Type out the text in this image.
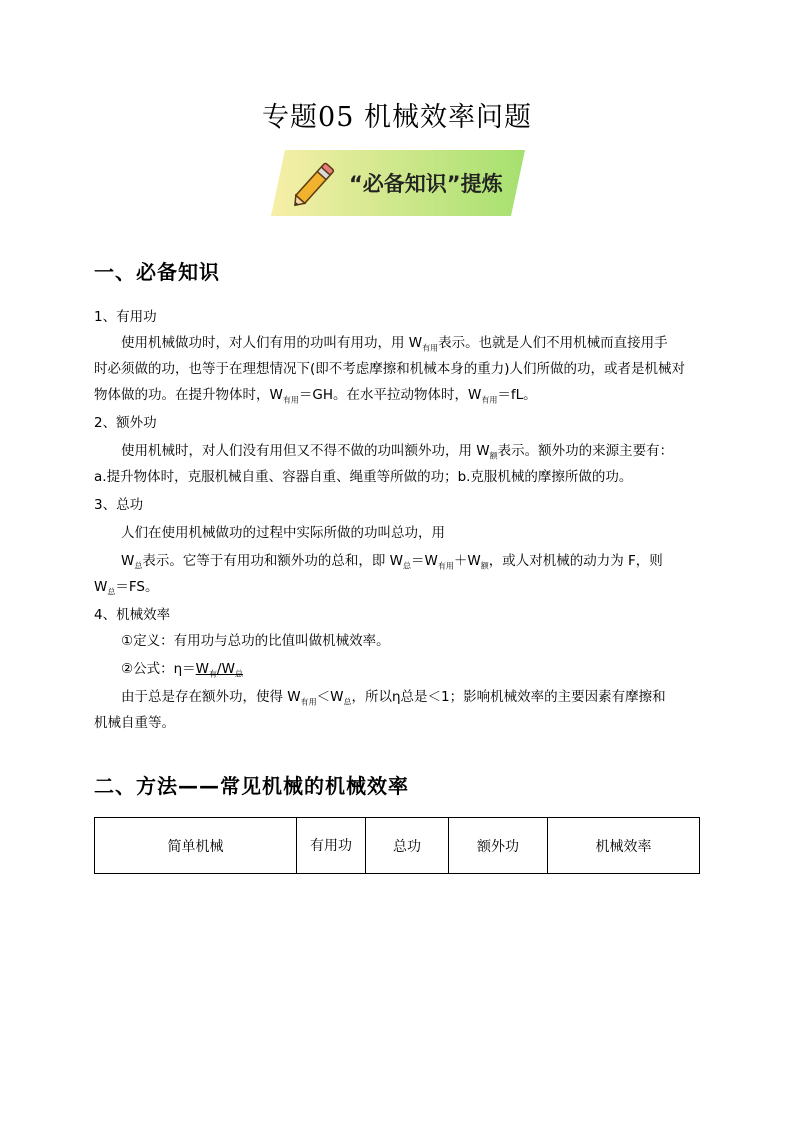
专题05 机械效率问题
“必备知识”提炼
一、必备知识
1、有用功
使用机械做功时，对人们有用的功叫有用功，用 $W_{有用}$表示。也就是人们不用机械而直接用手
时必须做的功，也等于在理想情况下(即不考虑摩擦和机械本身的重力)人们所做的功，或者是机械对
物体做的功。在提升物体时，$W_{有用}=GH$。在水平拉动物体时，$W_{有用}=fL$。
2、额外功
使用机械时，对人们没有用但又不得不做的功叫额外功，用 $W_额$表示。额外功的来源主要有：
a.提升物体时，克服机械自重、容器自重、绳重等所做的功；b.克服机械的摩擦所做的功。
3、总功
人们在使用机械做功的过程中实际所做的功叫总功，用
$W_总$表示。它等于有用功和额外功的总和，即 $W_总=W_{有用}+W_额$，或人对机械的动力为 F，则
$W_总=FS$。
4、机械效率
①定义：有用功与总功的比值叫做机械效率。
②公式：$\eta=W_有/W_总$
由于总是存在额外功，使得 $W_{有用}<W_总$，所以η总是＜1；影响机械效率的主要因素有摩擦和
机械自重等。
二、方法——常见机械的机械效率
简单机械	有用功	总功	额外功	机械效率
